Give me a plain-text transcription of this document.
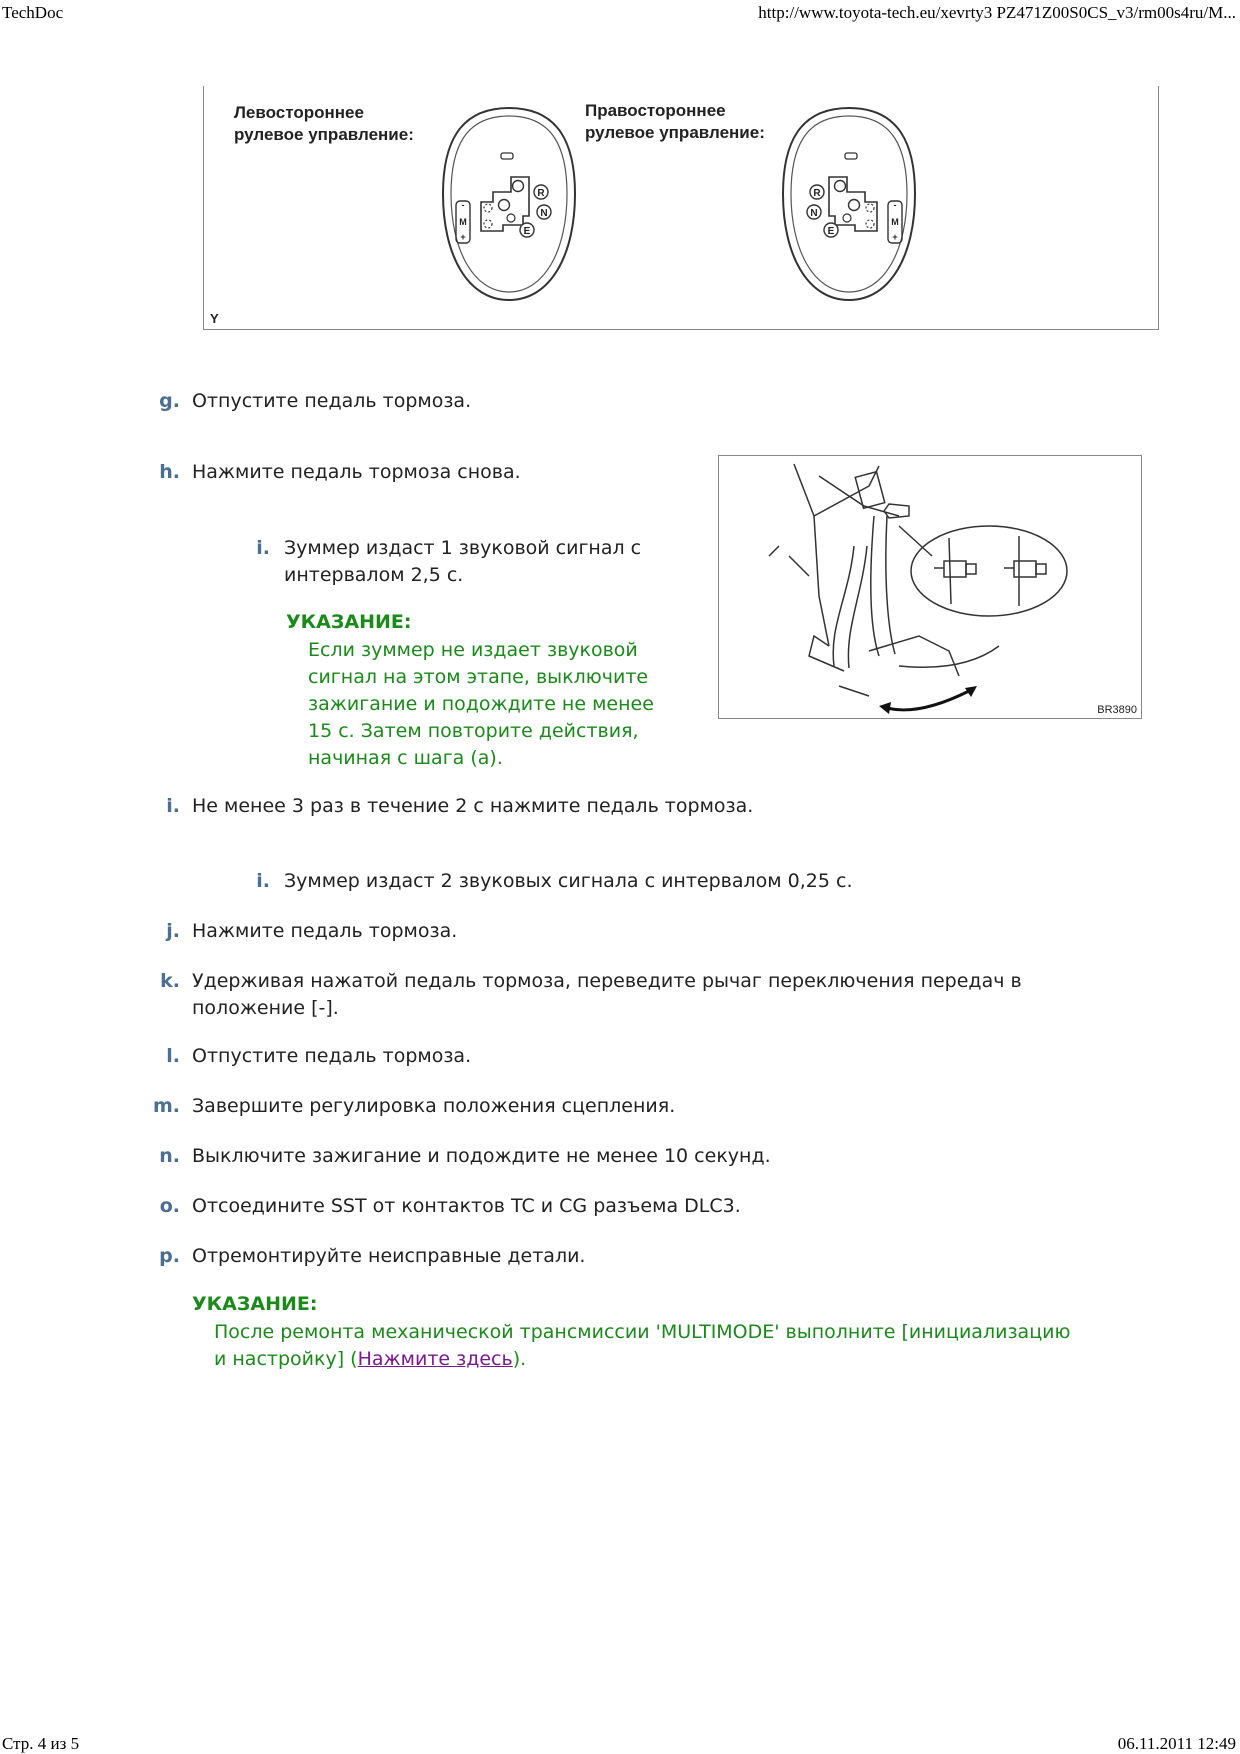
TechDoc	http://www.toyota-tech.eu/xevrty3 PZ471Z00S0CS_v3/rm00s4ru/M...
Левостороннее
рулевое управление:
Правостороннее
рулевое управление:
R
N
E
-
M
+
R
N
E
-
M
+
Y
BR3890
g. Отпустите педаль тормоза.
h. Нажмите педаль тормоза снова.
i. Зуммер издаст 1 звуковой сигнал с
интервалом 2,5 с.
УКАЗАНИЕ:
Если зуммер не издает звуковой
сигнал на этом этапе, выключите
зажигание и подождите не менее
15 с. Затем повторите действия,
начиная с шага (a).
i. Не менее 3 раз в течение 2 с нажмите педаль тормоза.
i. Зуммер издаст 2 звуковых сигнала с интервалом 0,25 с.
j. Нажмите педаль тормоза.
k. Удерживая нажатой педаль тормоза, переведите рычаг переключения передач в
положение [-].
l. Отпустите педаль тормоза.
m. Завершите регулировка положения сцепления.
n. Выключите зажигание и подождите не менее 10 секунд.
o. Отсоедините SST от контактов TC и CG разъема DLC3.
p. Отремонтируйте неисправные детали.
УКАЗАНИЕ:
После ремонта механической трансмиссии 'MULTIMODE' выполните [инициализацию
и настройку] (Нажмите здесь).
Стр. 4 из 5	06.11.2011 12:49
